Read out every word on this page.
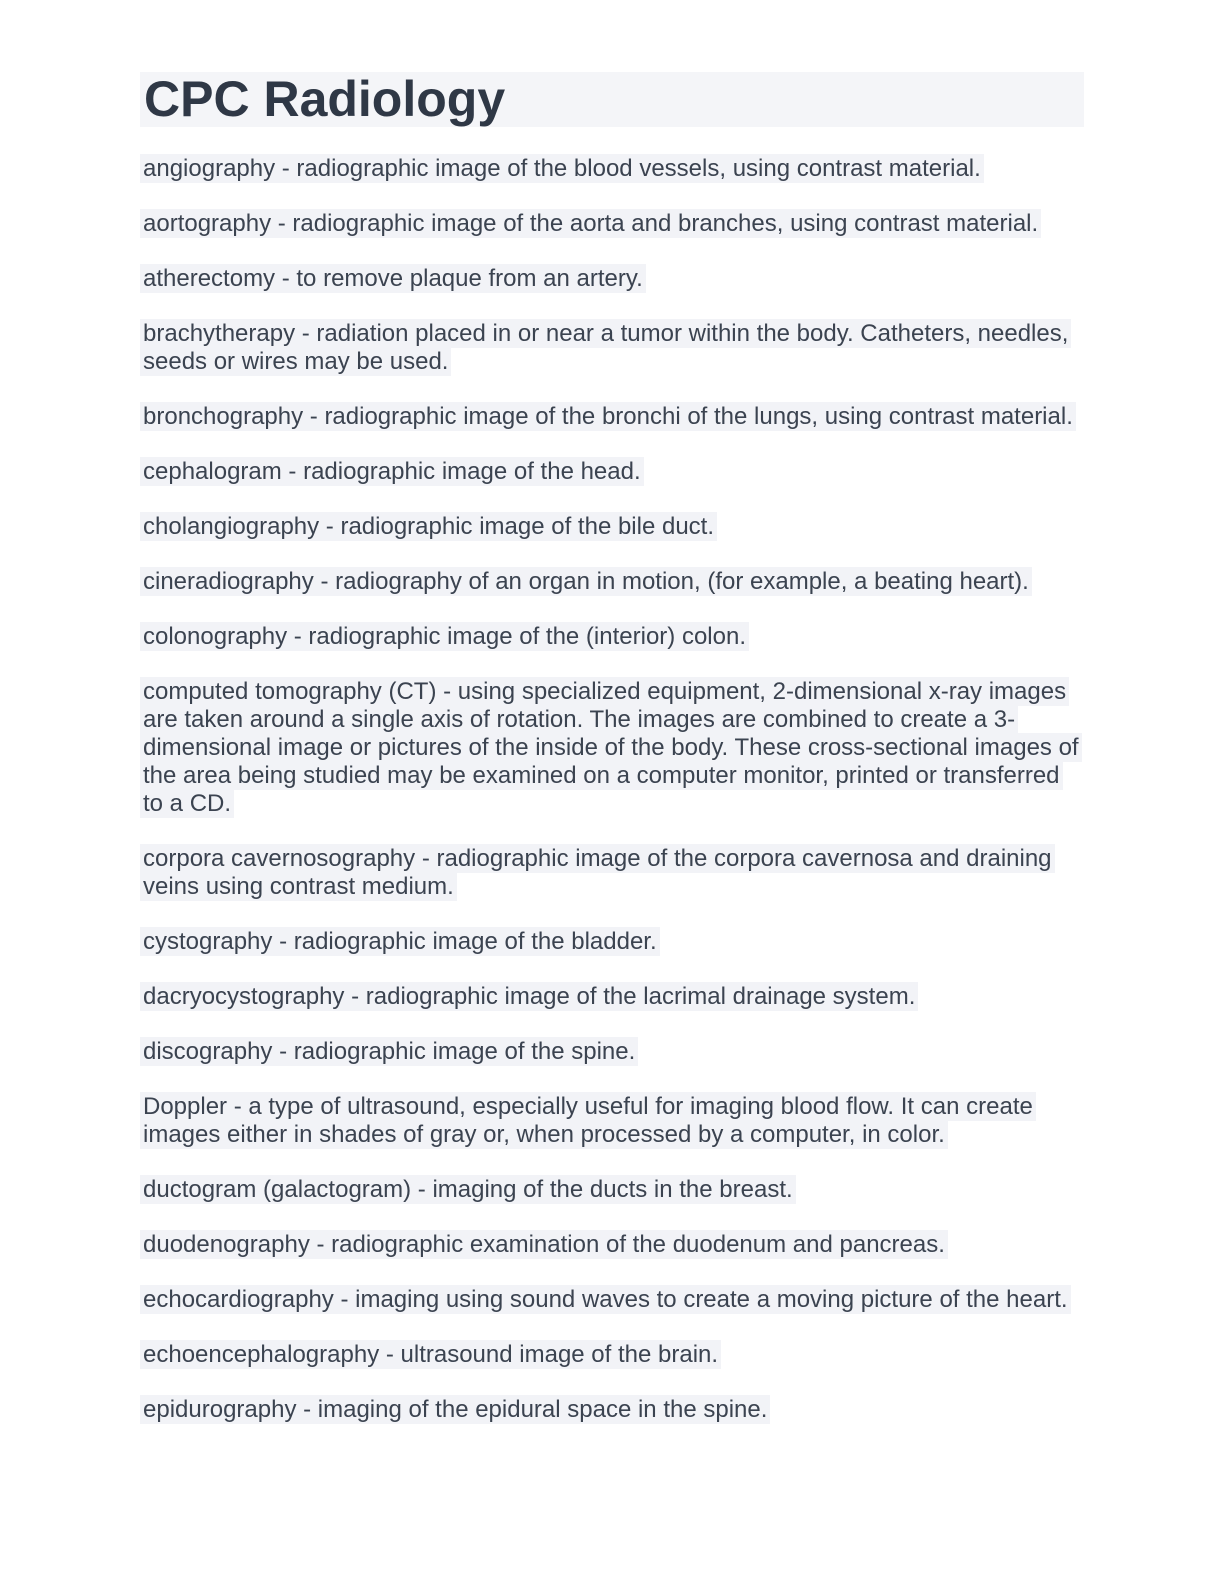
CPC Radiology

angiography - radiographic image of the blood vessels, using contrast material.

aortography - radiographic image of the aorta and branches, using contrast material.

atherectomy - to remove plaque from an artery.

brachytherapy - radiation placed in or near a tumor within the body. Catheters, needles, seeds or wires may be used.

bronchography - radiographic image of the bronchi of the lungs, using contrast material.

cephalogram - radiographic image of the head.

cholangiography - radiographic image of the bile duct.

cineradiography - radiography of an organ in motion, (for example, a beating heart).

colonography - radiographic image of the (interior) colon.

computed tomography (CT) - using specialized equipment, 2-dimensional x-ray images are taken around a single axis of rotation. The images are combined to create a 3-dimensional image or pictures of the inside of the body. These cross-sectional images of the area being studied may be examined on a computer monitor, printed or transferred to a CD.

corpora cavernosography - radiographic image of the corpora cavernosa and draining veins using contrast medium.

cystography - radiographic image of the bladder.

dacryocystography - radiographic image of the lacrimal drainage system.

discography - radiographic image of the spine.

Doppler - a type of ultrasound, especially useful for imaging blood flow. It can create images either in shades of gray or, when processed by a computer, in color.

ductogram (galactogram) - imaging of the ducts in the breast.

duodenography - radiographic examination of the duodenum and pancreas.

echocardiography - imaging using sound waves to create a moving picture of the heart.

echoencephalography - ultrasound image of the brain.

epidurography - imaging of the epidural space in the spine.
